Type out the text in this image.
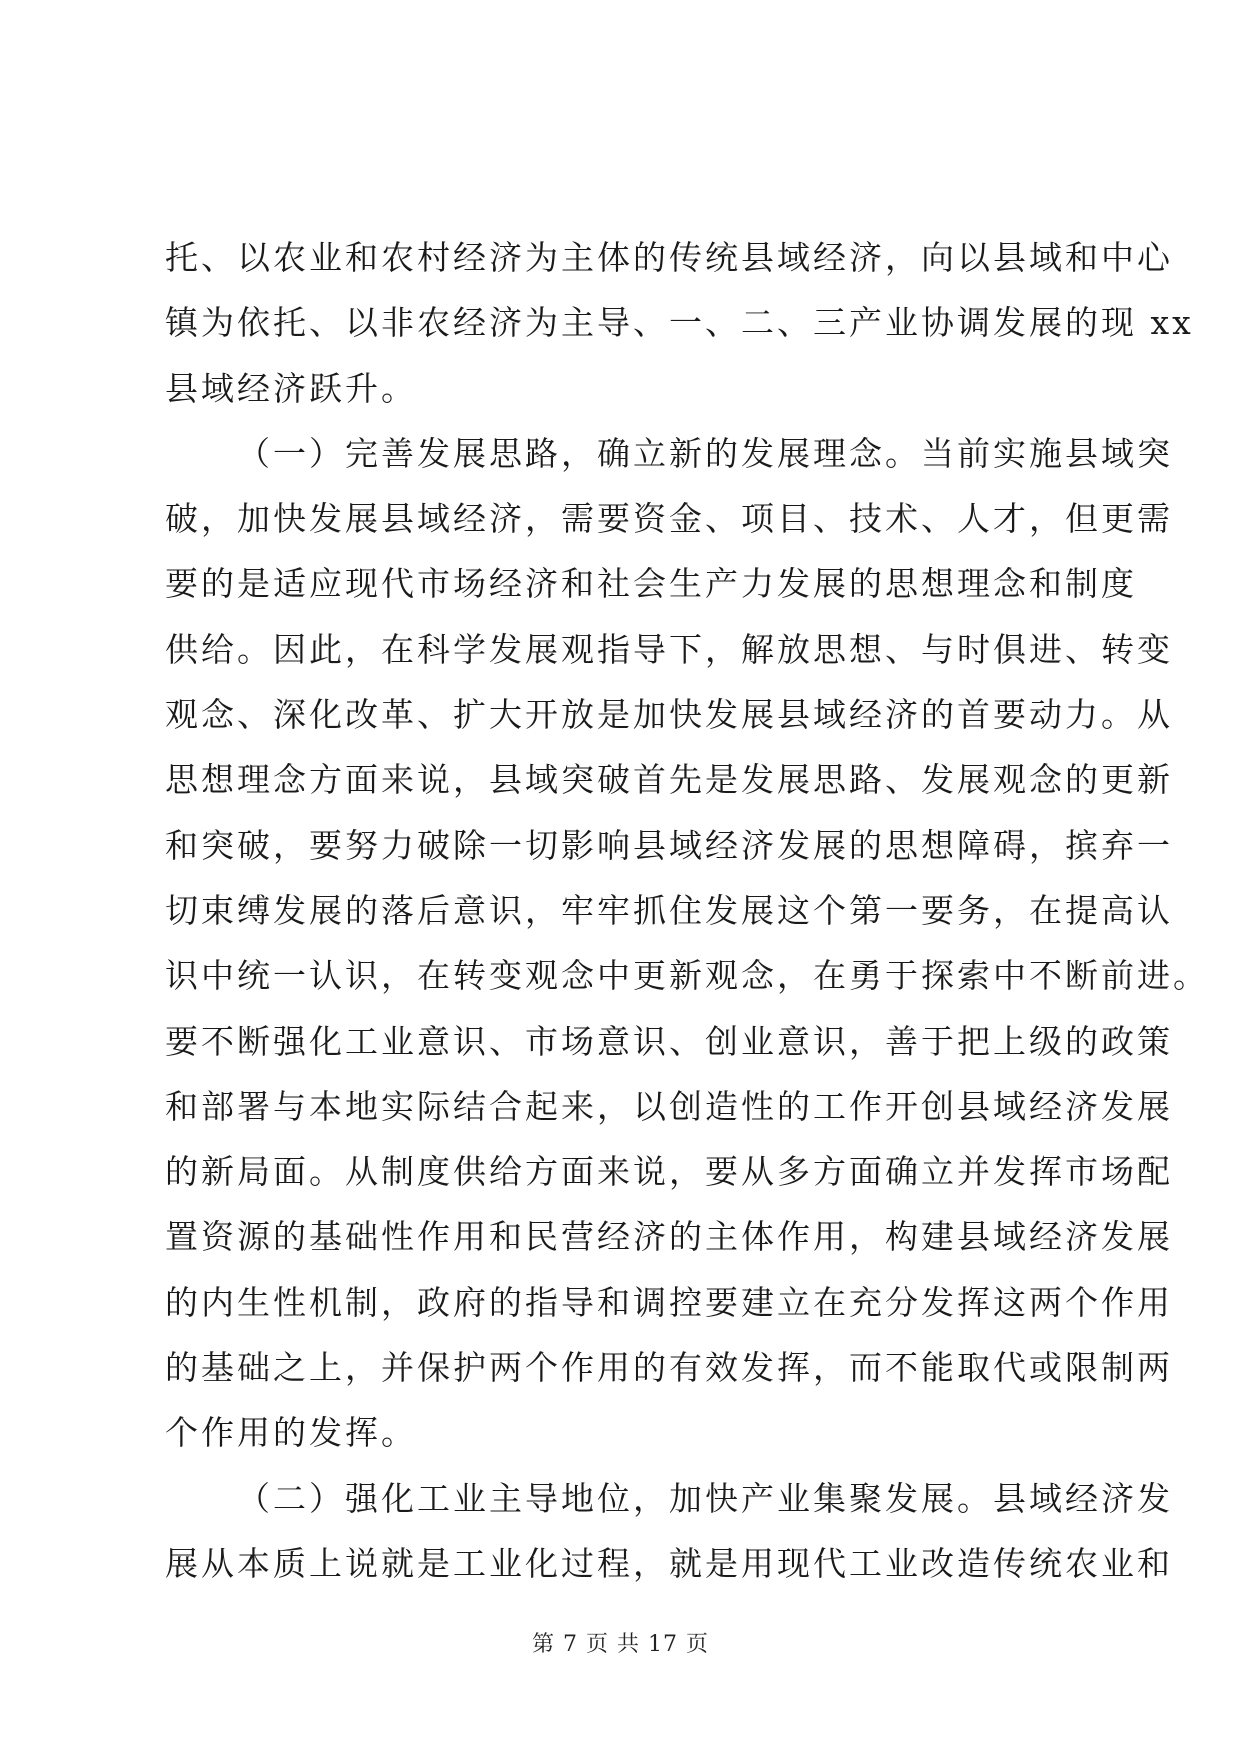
托、以农业和农村经济为主体的传统县域经济，向以县域和中心
镇为依托、以非农经济为主导、一、二、三产业协调发展的现 xx
县域经济跃升。
（一）完善发展思路，确立新的发展理念。当前实施县域突
破，加快发展县域经济，需要资金、项目、技术、人才，但更需
要的是适应现代市场经济和社会生产力发展的思想理念和制度
供给。因此，在科学发展观指导下，解放思想、与时俱进、转变
观念、深化改革、扩大开放是加快发展县域经济的首要动力。从
思想理念方面来说，县域突破首先是发展思路、发展观念的更新
和突破，要努力破除一切影响县域经济发展的思想障碍，摈弃一
切束缚发展的落后意识，牢牢抓住发展这个第一要务，在提高认
识中统一认识，在转变观念中更新观念，在勇于探索中不断前进。
要不断强化工业意识、市场意识、创业意识，善于把上级的政策
和部署与本地实际结合起来，以创造性的工作开创县域经济发展
的新局面。从制度供给方面来说，要从多方面确立并发挥市场配
置资源的基础性作用和民营经济的主体作用，构建县域经济发展
的内生性机制，政府的指导和调控要建立在充分发挥这两个作用
的基础之上，并保护两个作用的有效发挥，而不能取代或限制两
个作用的发挥。
（二）强化工业主导地位，加快产业集聚发展。县域经济发
展从本质上说就是工业化过程，就是用现代工业改造传统农业和
第 7 页 共 17 页
